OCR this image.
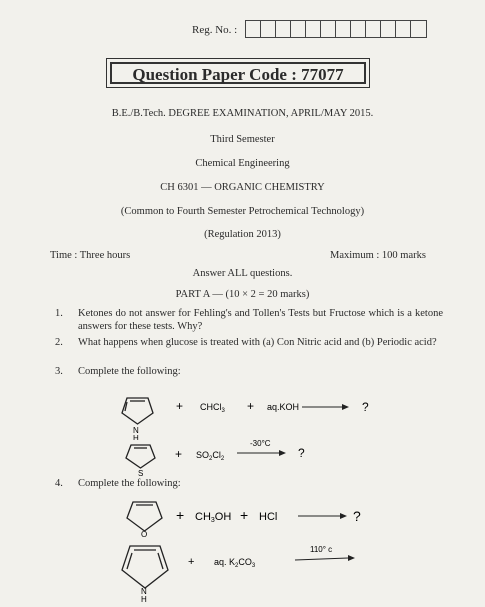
Reg. No. :
Question Paper Code : 77077
B.E./B.Tech. DEGREE EXAMINATION, APRIL/MAY 2015.
Third Semester
Chemical Engineering
CH 6301 — ORGANIC CHEMISTRY
(Common to Fourth Semester Petrochemical Technology)
(Regulation 2013)
Time : Three hours	Maximum : 100 marks
Answer ALL questions.
PART A — (10 × 2 = 20 marks)
1. Ketones do not answer for Fehling's and Tollen's Tests but Fructose which is a ketone answers for these tests. Why?
2. What happens when glucose is treated with (a) Con Nitric acid and (b) Periodic acid?
3. Complete the following:
N
H
+ CHCl$_3$ + aq.KOH	?
S
+ $SO_2Cl_2$
-30°C
?
4. Complete the following:
O
+ CH3OH + HCl	?
N
H
+ aq. $K_2CO_3$
110° c
